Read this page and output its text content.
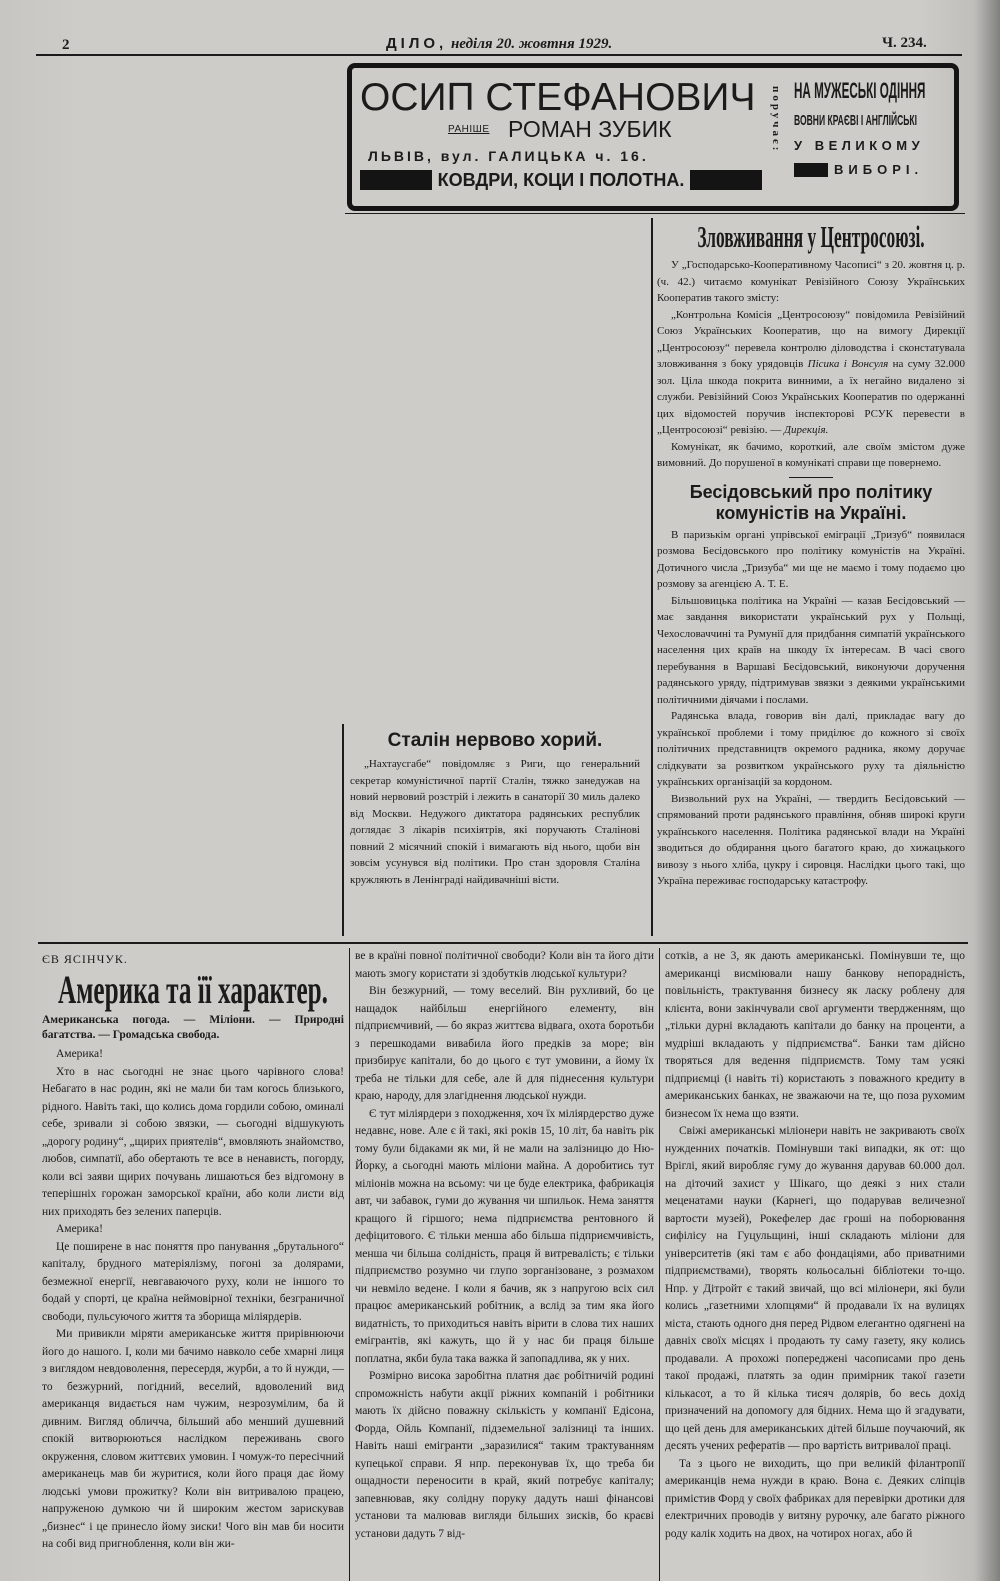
2	ДІЛО, неділя 20. жовтня 1929.	Ч. 234.
ОСИП СТЕФАНОВИЧ
РАНІШЕ РОМАН ЗУБИК
ЛЬВІВ, вул. ГАЛИЦЬКА ч. 16.
КОВДРИ, КОЦИ І ПОЛОТНА.
поручає: НА МУЖЕСЬКІ ОДІННЯ
ВОВНИ КРАЄВІ І АНГЛІЙСЬКІ
У ВЕЛИКОМУ
ВИБОРІ.
Зловживання у Центросоюзі.

У „Господарсько-Кооперативному Часописі“ з 20. жовтня ц. р. (ч. 42.) читаємо комунікат Ревізійного Союзу Українських Кооператив такого змісту:

„Контрольна Комісія „Центросоюзу“ повідомила Ревізійний Союз Українських Кооператив, що на вимогу Дирекції „Центросоюзу“ перевела контролю діловодства і сконстатувала зловживання з боку урядовців Пісика і Вонсуля на суму 32.000 зол. Ціла шкода покрита винними, а їх негайно видалено зі служби. Ревізійний Союз Українських Кооператив по одержанні цих відомостей поручив інспекторові РСУК перевести в „Центросоюзі“ ревізію. — Дирекція.

Комунікат, як бачимо, короткий, але своїм змістом дуже вимовний. До порушеної в комунікаті справи ще повернемо.

Бесідовський про політику комуністів на Україні.

В паризькім органі упрівської еміграції „Тризуб“ появилася розмова Бесідовського про політику комуністів на Україні. Дотичного числа „Тризуба“ ми ще не маємо і тому подаємо цю розмову за агенцією А. Т. Е.

Більшовицька політика на Україні — казав Бесідовський — має завдання використати український рух у Польщі, Чехословаччині та Румунії для придбання симпатій українського населення цих країв на шкоду їх інтересам. В часі свого перебування в Варшаві Бесідовський, виконуючи доручення радянського уряду, підтримував звязки з деякими українськими політичними діячами і послами.

Радянська влада, говорив він далі, прикладає вагу до української проблеми і тому приділює до кожного зі своїх політичних представництв окремого радника, якому доручає слідкувати за розвитком українського руху та діяльністю українських організацій за кордоном.

Визвольний рух на Україні, — твердить Бесідовський — спрямований проти радянського правління, обняв широкі круги українського населення. Політика радянської влади на Україні зводиться до обдирання цього багатого краю, до хижацького вивозу з нього хліба, цукру і сировця. Наслідки цього такі, що Україна переживає господарську катастрофу.

Сталін нервово хорий.

„Нахтаусгабе“ повідомляє з Риги, що генеральний секретар комуністичної партії Сталін, тяжко занедужав на новий нервовий розстрій і лежить в санаторії 30 миль далеко від Москви. Недужого диктатора радянських республик доглядає 3 лікарів психіятрів, які поручають Сталінові повний 2 місячний спокій і вимагають від нього, щоби він зовсім усунувся від політики. Про стан здоровля Сталіна кружляють в Ленінграді найдивачніші вісти.

ЄВ ЯСІНЧУК.
Америка та її характер.
Американська погода. — Міліони. — Природні багатства. — Громадська свобода.

Америка!

Хто в нас сьогодні не знає цього чарівного слова! Небагато в нас родин, які не мали би там когось близького, рідного. Навіть такі, що колись дома гордили собою, оминалі себе, зривали зі собою звязки, — сьогодні відшукують „дорогу родину“, „щирих приятелів“, вмовляють знайомство, любов, симпатії, або обертають те все в ненависть, погорду, коли всі заяви щирих почувань лишаються без відгомону в теперішніх горожан заморської країни, або коли листи від них приходять без зелених паперців.

Америка!

Це поширене в нас поняття про панування „брутального“ капіталу, брудного матеріялізму, погоні за долярами, безмежної енергії, невгаваючого руху, коли не іншого то бодай у спорті, це країна неймовірної техніки, безграничної свободи, пульсуючого життя та зборища міліярдерів.

Ми привикли міряти американське життя прирівнюючи його до нашого. І, коли ми бачимо навколо себе хмарні лиця з виглядом невдоволення, пересердя, журби, а то й нужди, — то безжурний, погідний, веселий, вдоволений вид американця видається нам чужим, незрозумілим, ба й дивним. Вигляд обличча, більший або менший душевний спокій витворюються наслідком переживань свого окруження, словом життєвих умовин. І чомуж-то пересічний американець мав би журитися, коли його праця дає йому людські умови прожитку? Коли він витривалою працею, напруженою думкою чи й широким жестом зарискував „бизнес“ і це принесло йому зиски! Чого він мав би носити на собі вид пригноблення, коли він жи-

ве в країні повної політичної свободи? Коли він та його діти мають змогу користати зі здобутків людської культури?

Він безжурний, — тому веселий. Він рухливий, бо це нащадок найбільш енергійного елементу, він підприємчивий, — бо якраз життєва відвага, охота боротьби з перешкодами вивабила його предків за море; він призбирує капітали, бо до цього є тут умовини, а йому їх треба не тільки для себе, але й для піднесення культури краю, народу, для злагіднення людської нужди.

Є тут міліярдери з походження, хоч їх міліярдерство дуже недавнє, нове. Але є й такі, які років 15, 10 літ, ба навіть рік тому були бідаками як ми, й не мали на залізницю до Ню-Йорку, а сьогодні мають міліони майна. А доробитись тут міліонів можна на всьому: чи це буде електрика, фабрикація авт, чи забавок, гуми до жування чи шпильок. Нема заняття кращого й гіршого; нема підприємства рентовного й дефіцитового. Є тільки менша або більша підприємчивість, менша чи більша солідність, праця й витревалість; є тільки підприємство розумно чи глупо зорганізоване, з розмахом чи невміло ведене. І коли я бачив, як з напругою всіх сил працює американський робітник, а вслід за тим яка його видатність, то приходиться навіть вірити в слова тих наших емігрантів, які кажуть, що й у нас би праця більше поплатна, якби була така важка й запопадлива, як у них.

Розмірно висока заробітна платня дає робітничій родині спроможність набути акції ріжних компаній і робітники мають їх дійсно поважну скількість у компанії Едісона, Форда, Ойль Компанії, підземельної залізниці та інших. Навіть наші емігранти „заразилися“ таким трактуванням купецької справи. Я нпр. переконував їх, що треба би ощадности переносити в край, який потребує капіталу; запевнював, яку солідну поруку дадуть наші фінансові установи та малював вигляди більших зисків, бо краєві установи дадуть 7 від-

сотків, а не 3, як дають американські. Помінувши те, що американці висміювали нашу банкову непорадність, повільність, трактування бизнесу як ласку роблену для клієнта, вони закінчували свої аргументи твердженням, що „тільки дурні вкладають капітали до банку на проценти, а мудріші вкладають у підприємства“. Банки там дійсно творяться для ведення підприємств. Тому там усякі підприємці (і навіть ті) користають з поважного кредиту в американських банках, не зважаючи на те, що поза рухомим бизнесом їх нема що взяти.

Свіжі американські міліонери навіть не закривають своїх нужденних початків. Помінувши такі випадки, як от: що Вріглі, який виробляє гуму до жування дарував 60.000 дол. на діточий захист у Шікаго, що деякі з них стали меценатами науки (Карнегі, що подарував величезної вартости музей), Рокефелер дає гроші на поборювання сифілісу на Гуцульщині, інші складають міліони для університетів (які там є або фондаціями, або приватними підприємствами), творять кольосальні бібліотеки то-що. Нпр. у Дітройт є такий звичай, що всі міліонери, які були колись „газетними хлопцями“ й продавали їх на вулицях міста, стають одного дня перед Рідвом елегантно одягнені на давніх своїх місцях і продають ту саму газету, яку колись продавали. А прохожі попереджені часописами про день такої продажі, платять за один примірник такої газети кількасот, а то й кілька тисяч долярів, бо весь дохід призначений на допомогу для бідних. Нема що й згадувати, що цей день для американських дітей більше поучаючий, як десять учених рефератів — про вартість витривалої праці.

Та з цього не виходить, що при великій філантропії американців нема нужди в краю. Вона є. Деяких сліпців примістив Форд у своїх фабриках для перевірки дротики для електричних проводів у витяну рурочку, але багато ріжного роду калік ходить на двох, на чотирох ногах, або й
